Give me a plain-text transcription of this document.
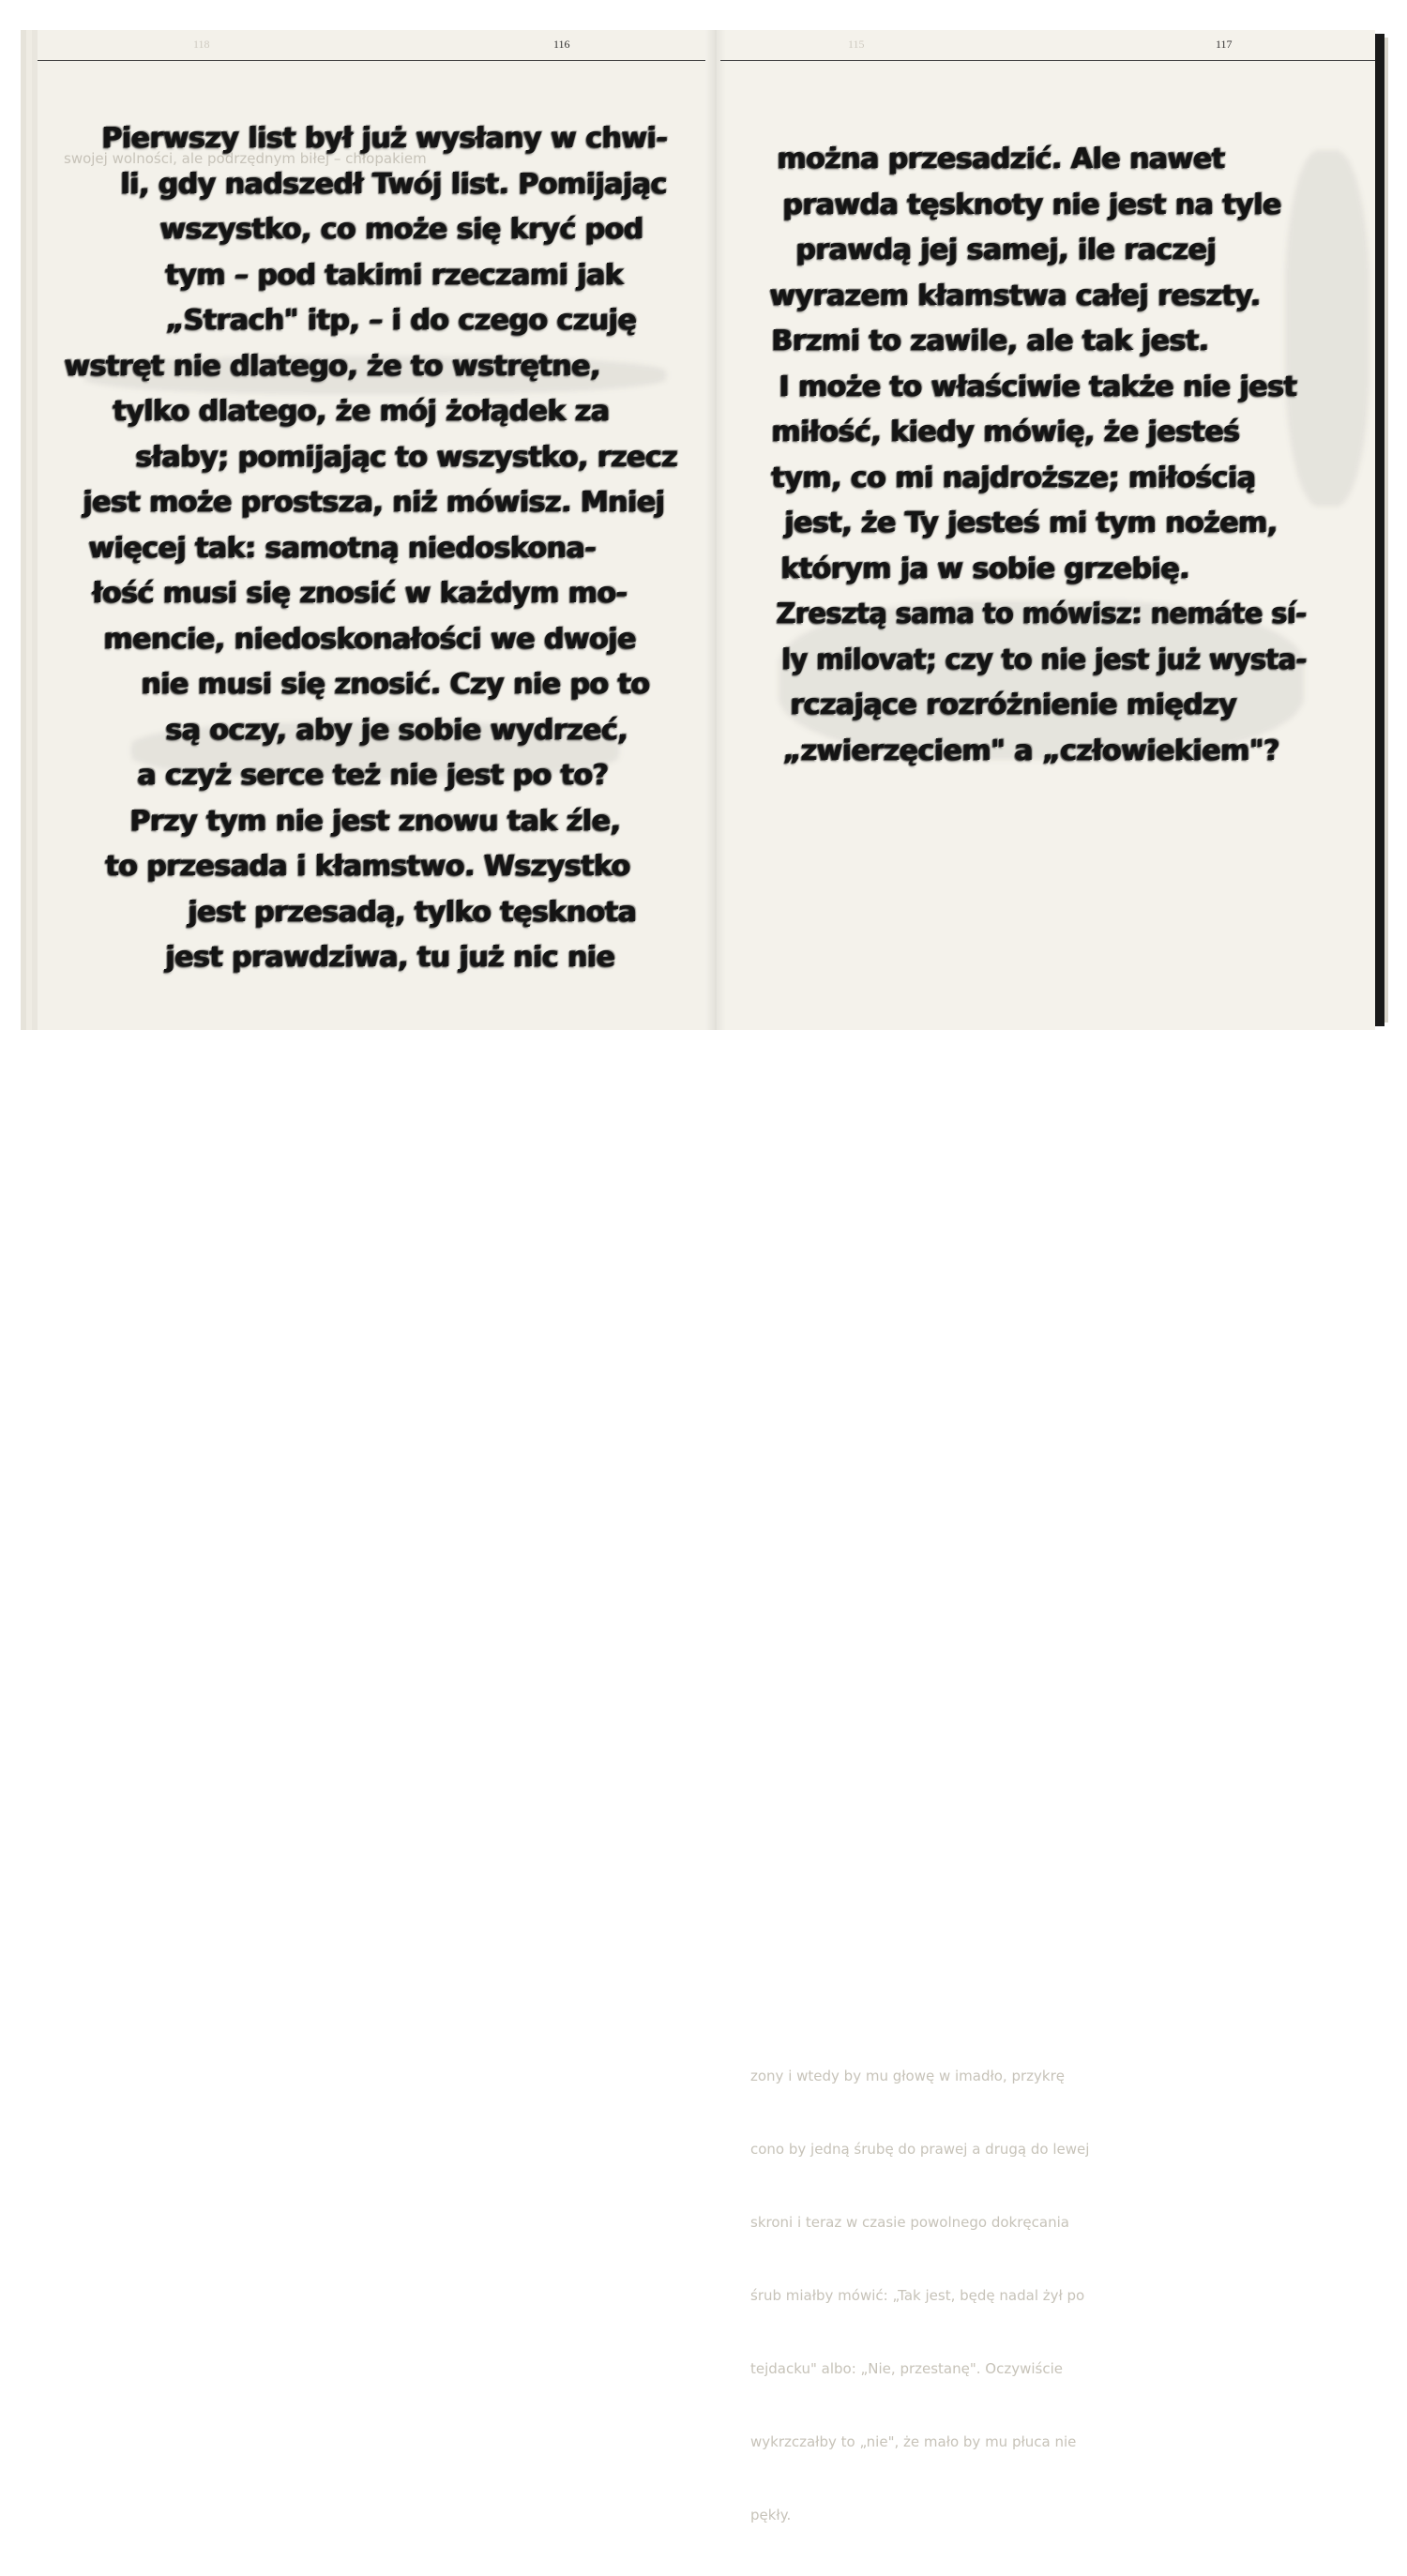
118	116	115	117

swojej wolności, ale podrzędnym biłej – chłopakiem

zony i wtedy by mu głowę w imadło, przykrę

cono by jedną śrubę do prawej a drugą do lewej

skroni i teraz w czasie powolnego dokręcania

śrub miałby mówić: „Tak jest, będę nadal żył po

tejdacku" albo: „Nie, przestanę". Oczywiście

wykrzczałby to „nie", że mało by mu płuca nie

pękły.

Pierwszy list był już wysłany w chwi-
li, gdy nadszedł Twój list. Pomijając
wszystko, co może się kryć pod
tym – pod takimi rzeczami jak
„Strach" itp, – i do czego czuję
wstręt nie dlatego, że to wstrętne,
tylko dlatego, że mój żołądek za
słaby; pomijając to wszystko, rzecz
jest może prostsza, niż mówisz. Mniej
więcej tak: samotną niedoskona-
łość musi się znosić w każdym mo-
mencie, niedoskonałości we dwoje
nie musi się znosić. Czy nie po to
są oczy, aby je sobie wydrzeć,
a czyż serce też nie jest po to?
Przy tym nie jest znowu tak źle,
to przesada i kłamstwo. Wszystko
jest przesadą, tylko tęsknota
jest prawdziwa, tu już nic nie
można przesadzić. Ale nawet
prawda tęsknoty nie jest na tyle
prawdą jej samej, ile raczej
wyrazem kłamstwa całej reszty.
Brzmi to zawile, ale tak jest.
I może to właściwie także nie jest
miłość, kiedy mówię, że jesteś
tym, co mi najdroższe; miłością
jest, że Ty jesteś mi tym nożem,
którym ja w sobie grzebię.
Zresztą sama to mówisz: nemáte sí-
ly milovat; czy to nie jest już wysta-
rczające rozróżnienie między
„zwierzęciem" a „człowiekiem"?
